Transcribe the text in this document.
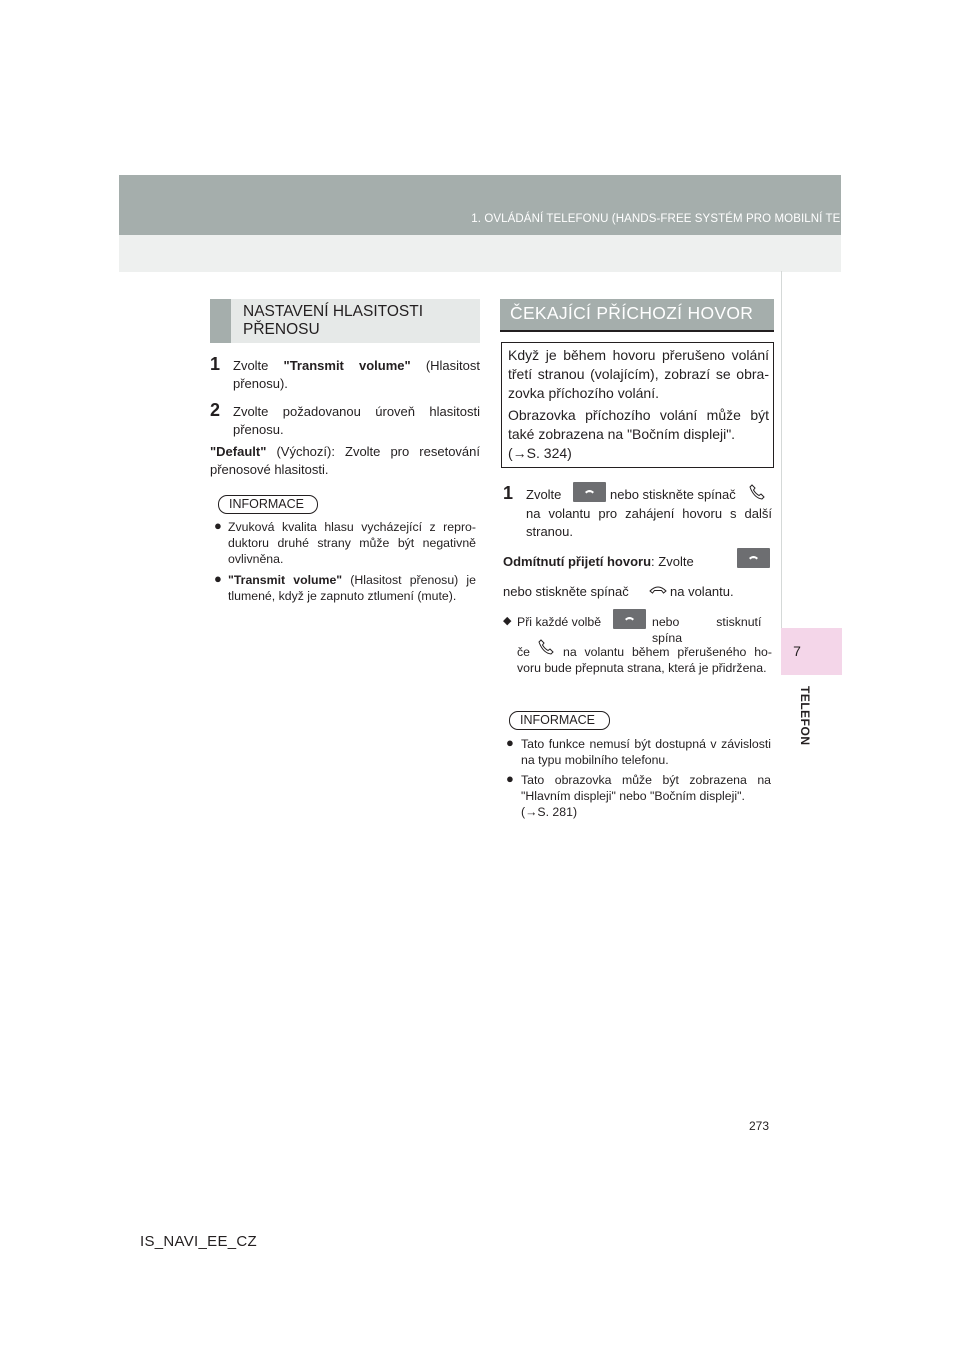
1. OVLÁDÁNÍ TELEFONU (HANDS-FREE SYSTÉM PRO MOBILNÍ TELEFONY)
7
TELEFON
NASTAVENÍ HLASITOSTI
PŘENOSU
1 Zvolte "Transmit volume" (Hlasitost přenosu).
2 Zvolte požadovanou úroveň hlasitosti přenosu.
"Default" (Výchozí): Zvolte pro resetování přenosové hlasitosti.
INFORMACE
● Zvuková kvalita hlasu vycházející z reproduktoru druhé strany může být negativně ovlivněna.
● "Transmit volume" (Hlasitost přenosu) je tlumené, když je zapnuto ztlumení (mute).
ČEKAJÍCÍ PŘÍCHOZÍ HOVOR
Když je během hovoru přerušeno volání třetí stranou (volajícím), zobrazí se obrazovka příchozího volání.
Obrazovka příchozího volání může být také zobrazena na "Bočním displeji".
(→S. 324)
1 Zvolte	nebo stiskněte spínač
na volantu pro zahájení hovoru s další stranou.
Odmítnutí přijetí hovoru: Zvolte
nebo stiskněte spínač	na volantu.
◆ Při každé volbě	nebo stisknutí spína
če	na volantu během přerušeného hovoru bude přepnuta strana, která je přidržena.
INFORMACE
● Tato funkce nemusí být dostupná v závislosti na typu mobilního telefonu.
● Tato obrazovka může být zobrazena na "Hlavním displeji" nebo "Bočním displeji".
(→S. 281)
273
IS_NAVI_EE_CZ
